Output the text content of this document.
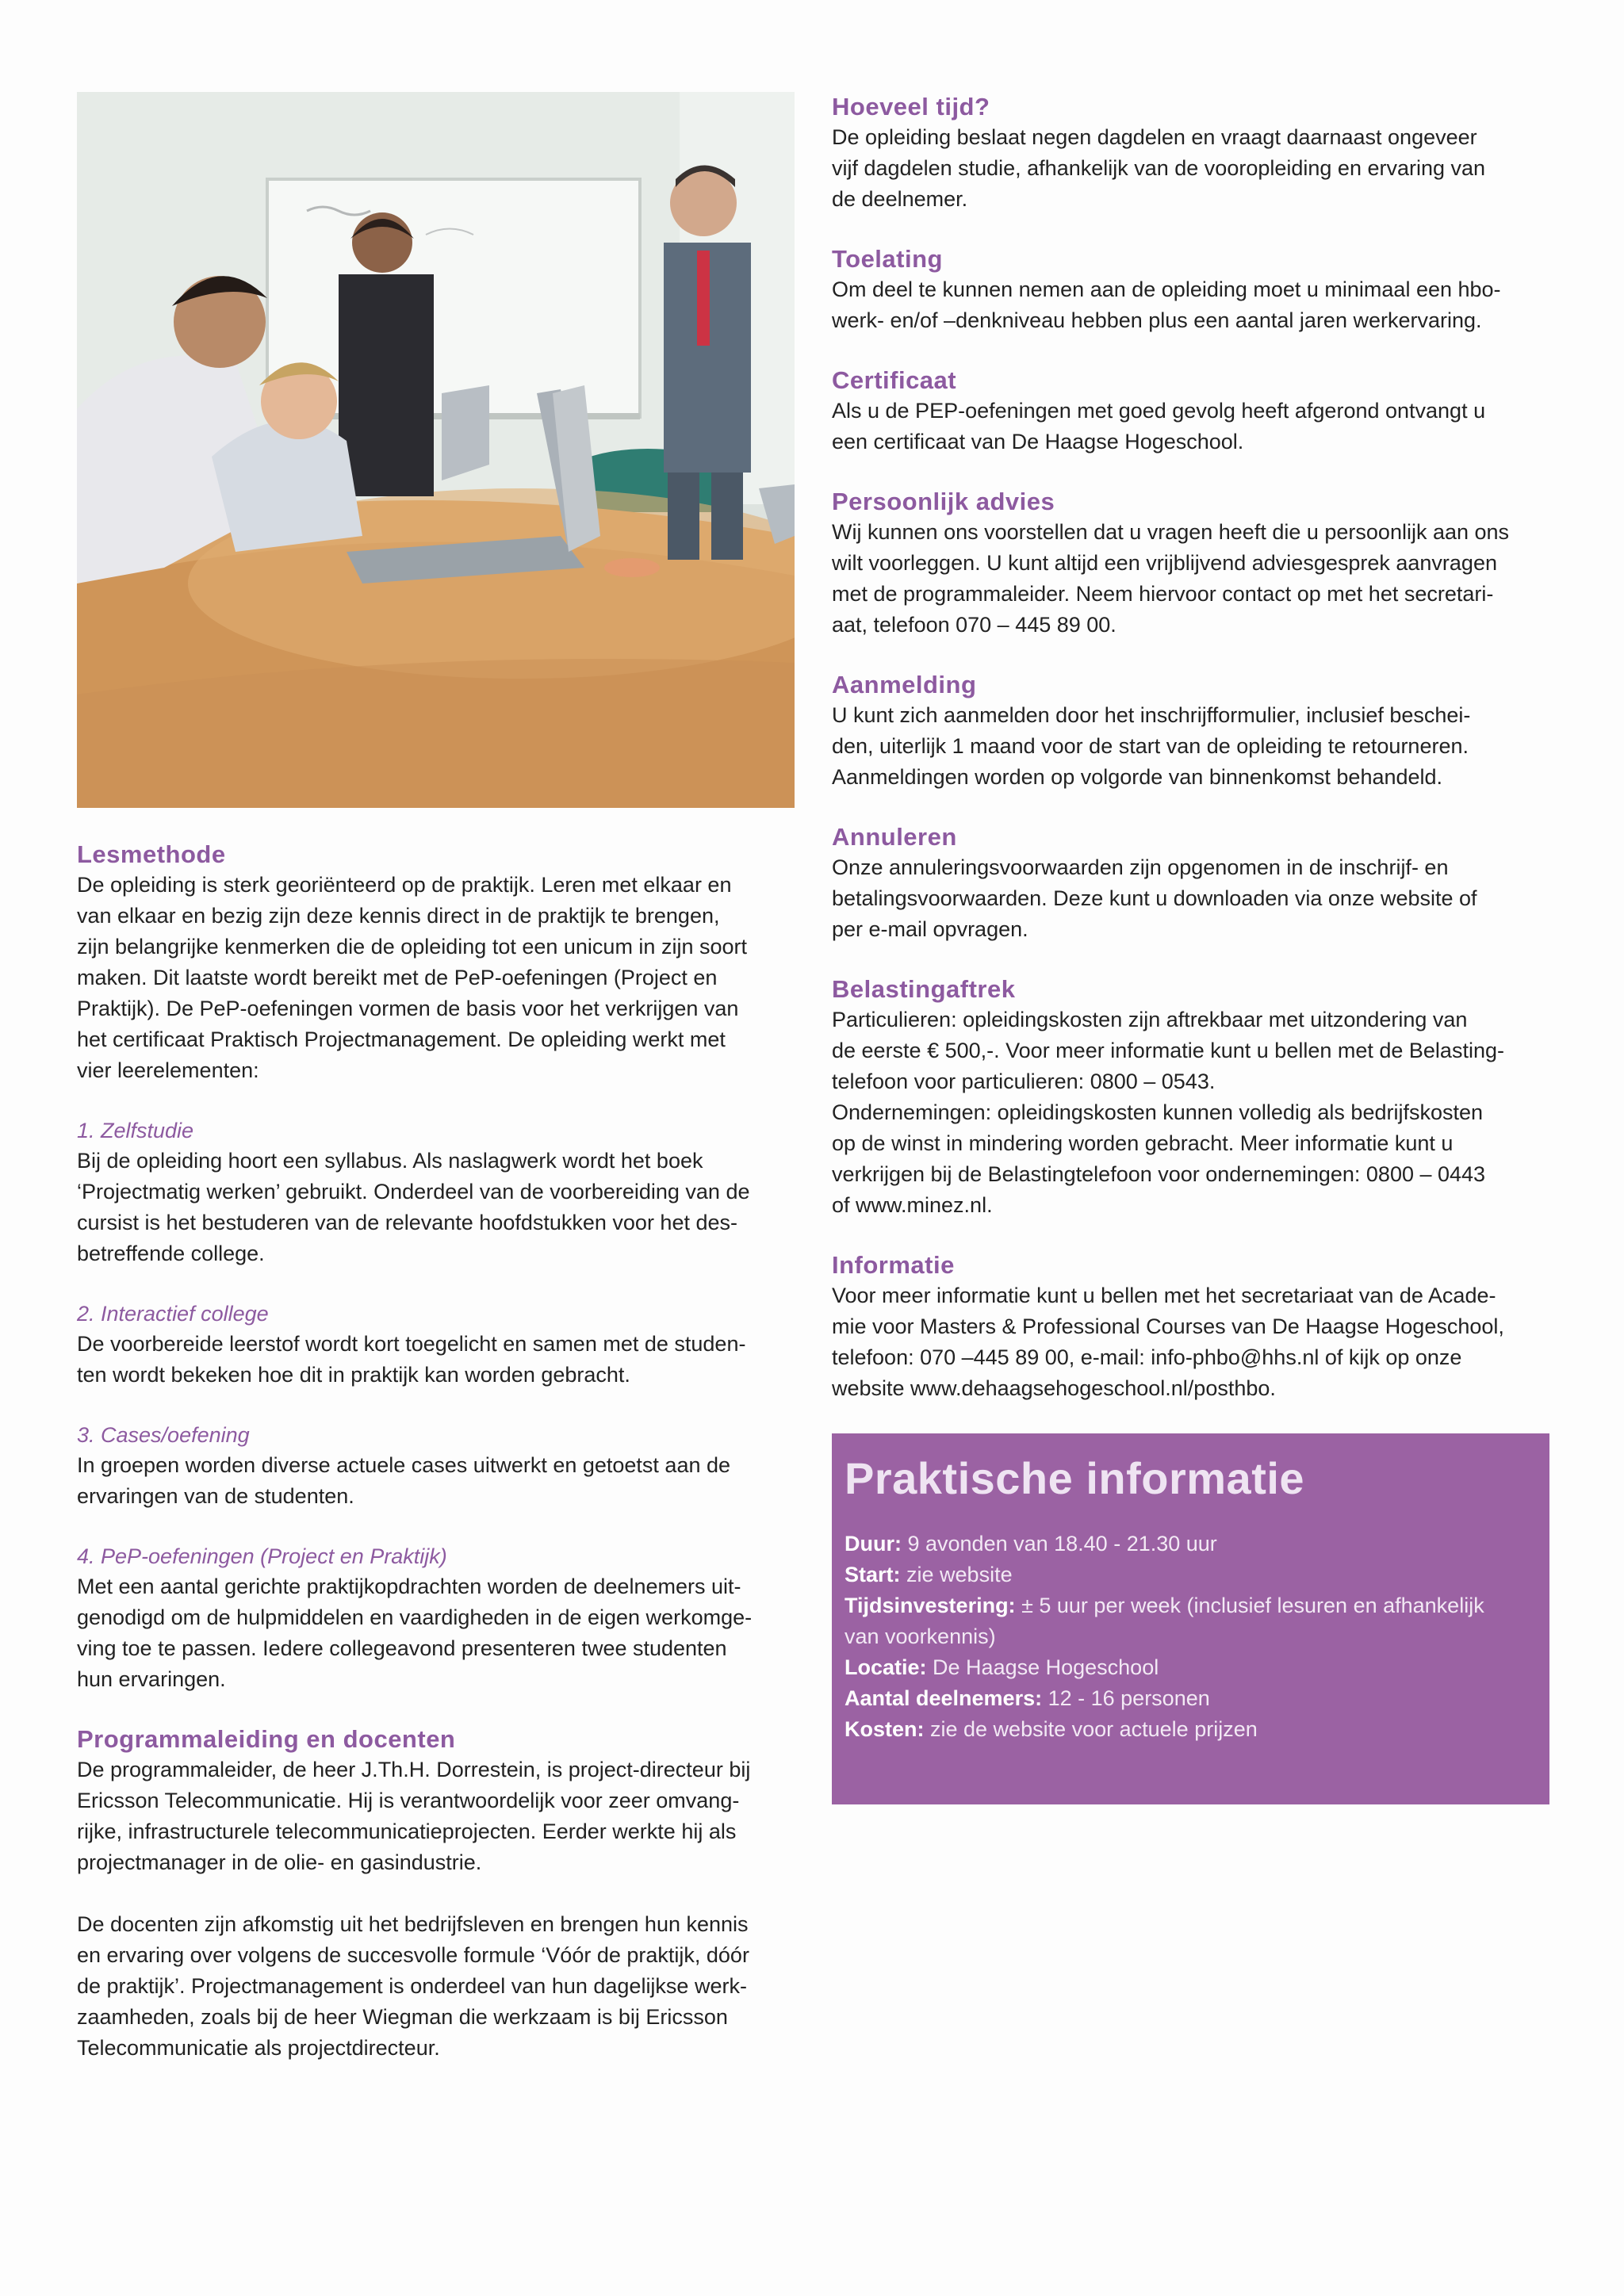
Lesmethode

De opleiding is sterk georiënteerd op de praktijk. Leren met elkaar en

van elkaar en bezig zijn deze kennis direct in de praktijk te brengen,

zijn belangrijke kenmerken die de opleiding tot een unicum in zijn soort

maken. Dit laatste wordt bereikt met de PeP-oefeningen (Project en

Praktijk). De PeP-oefeningen vormen de basis voor het verkrijgen van

het certificaat Praktisch Projectmanagement. De opleiding werkt met

vier leerelementen:

1. Zelfstudie

Bij de opleiding hoort een syllabus. Als naslagwerk wordt het boek

‘Projectmatig werken’ gebruikt. Onderdeel van de voorbereiding van de

cursist is het bestuderen van de relevante hoofdstukken voor het des-

betreffende college.

2. Interactief college

De voorbereide leerstof wordt kort toegelicht en samen met de studen-

ten wordt bekeken hoe dit in praktijk kan worden gebracht.

3. Cases/oefening

In groepen worden diverse actuele cases uitwerkt en getoetst aan de

ervaringen van de studenten.

4. PeP-oefeningen (Project en Praktijk)

Met een aantal gerichte praktijkopdrachten worden de deelnemers uit-

genodigd om de hulpmiddelen en vaardigheden in de eigen werkomge-

ving toe te passen. Iedere collegeavond presenteren twee studenten

hun ervaringen.

Programmaleiding en docenten

De programmaleider, de heer J.Th.H. Dorrestein, is project-directeur bij

Ericsson Telecommunicatie. Hij is verantwoordelijk voor zeer omvang-

rijke, infrastructurele telecommunicatieprojecten. Eerder werkte hij als

projectmanager in de olie- en gasindustrie.

De docenten zijn afkomstig uit het bedrijfsleven en brengen hun kennis

en ervaring over volgens de succesvolle formule ‘Vóór de praktijk, dóór

de praktijk’. Projectmanagement is onderdeel van hun dagelijkse werk-

zaamheden, zoals bij de heer Wiegman die werkzaam is bij Ericsson

Telecommunicatie als projectdirecteur.

Hoeveel tijd?

De opleiding beslaat negen dagdelen en vraagt daarnaast ongeveer

vijf dagdelen studie, afhankelijk van de vooropleiding en ervaring van

de deelnemer.

Toelating

Om deel te kunnen nemen aan de opleiding moet u minimaal een hbo-

werk- en/of –denkniveau hebben plus een aantal jaren werkervaring.

Certificaat

Als u de PEP-oefeningen met goed gevolg heeft afgerond ontvangt u

een certificaat van De Haagse Hogeschool.

Persoonlijk advies

Wij kunnen ons voorstellen dat u vragen heeft die u persoonlijk aan ons

wilt voorleggen. U kunt altijd een vrijblijvend adviesgesprek aanvragen

met de programmaleider. Neem hiervoor contact op met het secretari-

aat, telefoon 070 – 445 89 00.

Aanmelding

U kunt zich aanmelden door het inschrijfformulier, inclusief beschei-

den, uiterlijk 1 maand voor de start van de opleiding te retourneren.

Aanmeldingen worden op volgorde van binnenkomst behandeld.

Annuleren

Onze annuleringsvoorwaarden zijn opgenomen in de inschrijf- en

betalingsvoorwaarden. Deze kunt u downloaden via onze website of

per e-mail opvragen.

Belastingaftrek

Particulieren: opleidingskosten zijn aftrekbaar met uitzondering van

de eerste € 500,-. Voor meer informatie kunt u bellen met de Belasting-

telefoon voor particulieren: 0800 – 0543.

Ondernemingen: opleidingskosten kunnen volledig als bedrijfskosten

op de winst in mindering worden gebracht. Meer informatie kunt u

verkrijgen bij de Belastingtelefoon voor ondernemingen: 0800 – 0443

of www.minez.nl.

Informatie

Voor meer informatie kunt u bellen met het secretariaat van de Acade-

mie voor Masters & Professional Courses van De Haagse Hogeschool,

telefoon: 070 –445 89 00, e-mail: info-phbo@hhs.nl of kijk op onze

website www.dehaagsehogeschool.nl/posthbo.

Praktische informatie

Duur: 9 avonden van 18.40 - 21.30 uur

Start: zie website

Tijdsinvestering: ± 5 uur per week (inclusief lesuren en afhankelijk

van voorkennis)

Locatie: De Haagse Hogeschool

Aantal deelnemers: 12 - 16 personen

Kosten: zie de website voor actuele prijzen
